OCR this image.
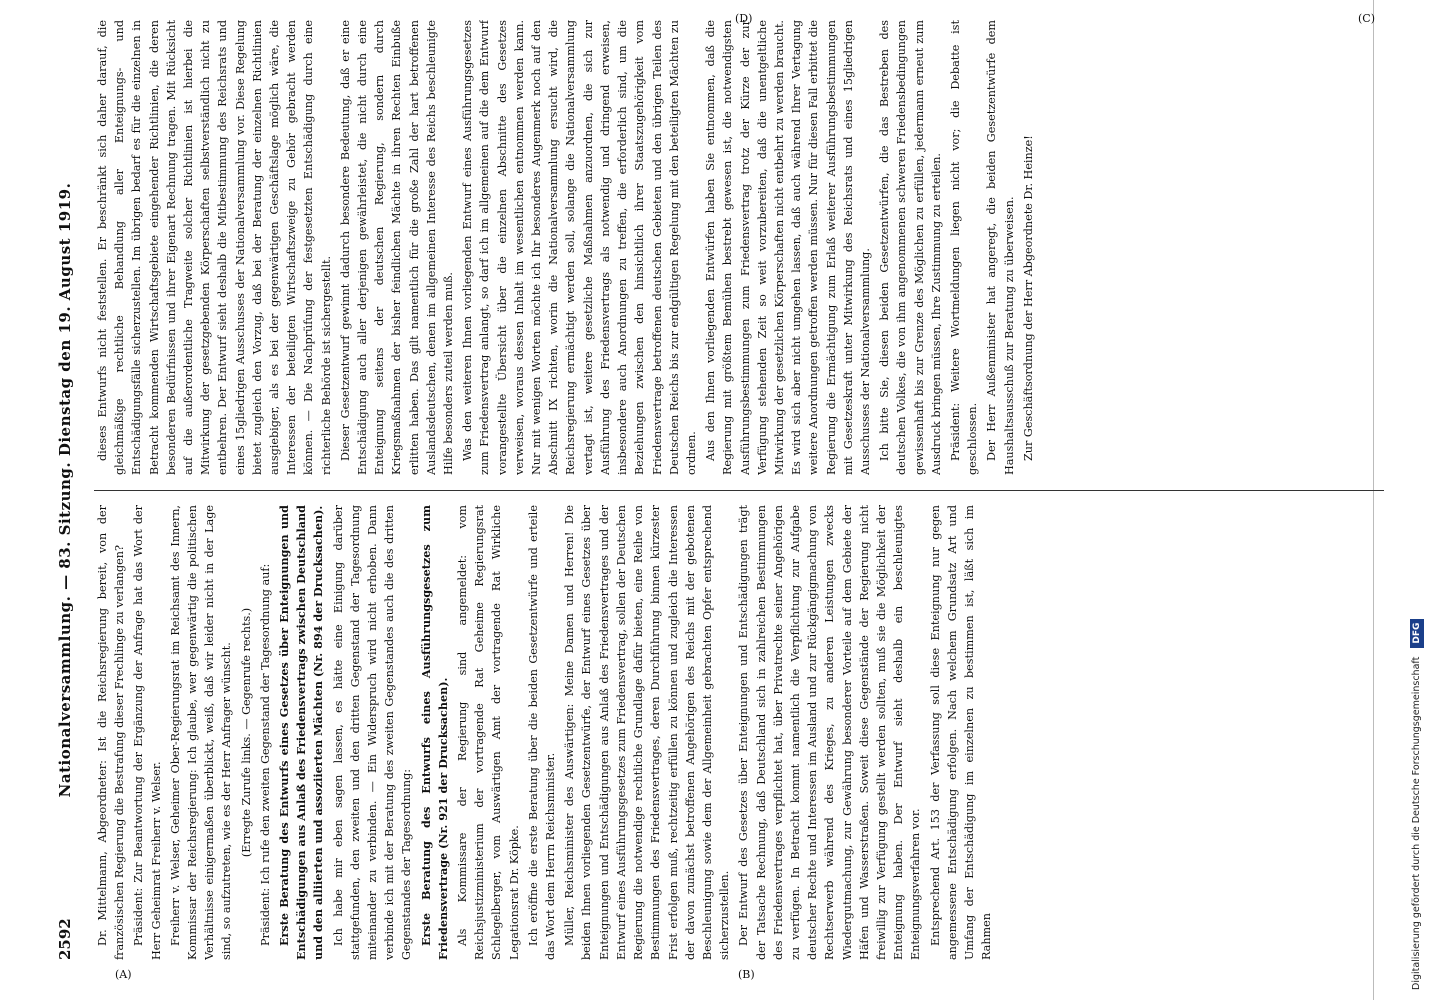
2592
Nationalversammlung. — 83. Sitzung. Dienstag den 19. August 1919. Dr. Mittelmann, Abgeordneter: Ist die Reichsregierung bereit, von der französischen Regierung die Bestrafung dieser Frechlinge zu verlangen? Präsident: Zur Beantwortung der Ergänzung der Anfrage hat das Wort der Herr Geheimrat Freiherr v. Welser. Freiherr v. Welser, Geheimer Ober-Regierungsrat im Reichsamt des Innern, Kommissar der Reichsregierung: Ich glaube, wer gegenwärtig die politischen Verhältnisse einigermaßen überblickt, weiß, daß wir leider nicht in der Lage sind, so aufzutreten, wie es der Herr Anfrager wünscht. (Erregte Zurufe links. — Gegenrufe rechts.) Präsident: Ich rufe den zweiten Gegenstand der Tagesordnung auf: Erste Beratung des Entwurfs eines Gesetzes über Enteignungen und Entschädigungen aus Anlaß des Friedensvertrags zwischen Deutschland und den alliierten und assoziierten Mächten (Nr. 894 der Drucksachen). Ich habe mir eben sagen lassen, es hätte eine Einigung darüber stattgefunden, den zweiten und den dritten Gegenstand der Tagesordnung miteinander zu verbinden. — Ein Widerspruch wird nicht erhoben. Dann verbinde ich mit der Beratung des zweiten Gegenstandes auch die des dritten Gegenstandes der Tagesordnung: Erste Beratung des Entwurfs eines Ausführungsgesetzes zum Friedensvertrage (Nr. 921 der Drucksachen). Als Kommissare der Regierung sind angemeldet: vom Reichsjustizministerium der vortragende Rat Geheime Regierungsrat Schlegelberger, vom Auswärtigen Amt der vortragende Rat Wirkliche Legationsrat Dr. Köpke. Ich eröffne die erste Beratung über die beiden Gesetzentwürfe und erteile das Wort dem Herrn Reichsminister. Müller, Reichsminister des Auswärtigen: Meine Damen und Herren! Die beiden Ihnen vorliegenden Gesetzentwürfe, der Entwurf eines Gesetzes über Enteignungen und Entschädigungen aus Anlaß des Friedensvertrages und der Entwurf eines Ausführungsgesetzes zum Friedensvertrag, sollen der Deutschen Regierung die notwendige rechtliche Grundlage dafür bieten, eine Reihe von Bestimmungen des Friedensvertrages, deren Durchführung binnen kürzester Frist erfolgen muß, rechtzeitig erfüllen zu können und zugleich die Interessen der davon zunächst betroffenen Angehörigen des Reichs mit der gebotenen Beschleunigung sowie dem der Allgemeinheit gebrachten Opfer entsprechend sicherzustellen. Der Entwurf des Gesetzes über Enteignungen und Entschädigungen trägt der Tatsache Rechnung, daß Deutschland sich in zahlreichen Bestimmungen des Friedensvertrages verpflichtet hat, über Privatrechte seiner Angehörigen zu verfügen. In Betracht kommt namentlich die Verpflichtung zur Aufgabe deutscher Rechte und Interessen im Ausland und zur Rückgängigmachung von Rechtserwerb während des Krieges, zu anderen Leistungen zwecks Wiedergutmachung, zur Gewährung besonderer Vorteile auf dem Gebiete der Häfen und Wasserstraßen. Soweit diese Gegenstände der Regierung nicht freiwillig zur Verfügung gestellt werden sollten, muß sie die Möglichkeit der Enteignung haben. Der Entwurf sieht deshalb ein beschleunigtes Enteignungsverfahren vor. Entsprechend Art. 153 der Verfassung soll diese Enteignung nur gegen angemessene Entschädigung erfolgen. Nach welchem Grundsatz Art und Umfang der Entschädigung im einzelnen zu bestimmen ist, läßt sich im Rahmen

dieses Entwurfs nicht feststellen. Er beschränkt sich daher darauf, die gleichmäßige rechtliche Behandlung aller Enteignungs- und Entschädigungsfälle sicherzustellen. Im übrigen bedarf es für die einzelnen in Betracht kommenden Wirtschaftsgebiete eingehender Richtlinien, die deren besonderen Bedürfnissen und ihrer Eigenart Rechnung tragen. Mit Rücksicht auf die außerordentliche Tragweite solcher Richtlinien ist hierbei die Mitwirkung der gesetzgebenden Körperschaften selbstverständlich nicht zu entbehren. Der Entwurf sieht deshalb die Mitbestimmung des Reichsrats und eines 15gliedrigen Ausschusses der Nationalversammlung vor. Diese Regelung bietet zugleich den Vorzug, daß bei der Beratung der einzelnen Richtlinien ausgiebiger, als es bei der gegenwärtigen Geschäftslage möglich wäre, die Interessen der beteiligten Wirtschaftszweige zu Gehör gebracht werden können. — Die Nachprüfung der festgesetzten Entschädigung durch eine richterliche Behörde ist sichergestellt. Dieser Gesetzentwurf gewinnt dadurch besondere Bedeutung, daß er eine Entschädigung auch aller derjenigen gewährleistet, die nicht durch eine Enteignung seitens der deutschen Regierung, sondern durch Kriegsmaßnahmen der bisher feindlichen Mächte in ihren Rechten Einbuße erlitten haben. Das gilt namentlich für die große Zahl der hart betroffenen Auslandsdeutschen, denen im allgemeinen Interesse des Reichs beschleunigte Hilfe besonders zuteil werden muß. Was den weiteren Ihnen vorliegenden Entwurf eines Ausführungsgesetzes zum Friedensvertrag anlangt, so darf ich im allgemeinen auf die dem Entwurf vorangestellte Übersicht über die einzelnen Abschnitte des Gesetzes verweisen, woraus dessen Inhalt im wesentlichen entnommen werden kann. Nur mit wenigen Worten möchte ich Ihr besonderes Augenmerk noch auf den Abschnitt IX richten, worin die Nationalversammlung ersucht wird, die Reichsregierung ermächtigt werden soll, solange die Nationalversammlung vertagt ist, weitere gesetzliche Maßnahmen anzuordnen, die sich zur Ausführung des Friedensvertrags als notwendig und dringend erweisen, insbesondere auch Anordnungen zu treffen, die erforderlich sind, um die Beziehungen zwischen den hinsichtlich ihrer Staatszugehörigkeit vom Friedensvertrage betroffenen deutschen Gebieten und den übrigen Teilen des Deutschen Reichs bis zur endgültigen Regelung mit den beteiligten Mächten zu ordnen. Aus den Ihnen vorliegenden Entwürfen haben Sie entnommen, daß die Regierung mit größtem Bemühen bestrebt gewesen ist, die notwendigsten Ausführungsbestimmungen zum Friedensvertrag trotz der Kürze der zur Verfügung stehenden Zeit so weit vorzubereiten, daß die unentgeltliche Mitwirkung der gesetzlichen Körperschaften nicht entbehrt zu werden braucht. Es wird sich aber nicht umgehen lassen, daß auch während Ihrer Vertagung weitere Anordnungen getroffen werden müssen. Nur für diesen Fall erbittet die Regierung die Ermächtigung zum Erlaß weiterer Ausführungsbestimmungen mit Gesetzeskraft unter Mitwirkung des Reichsrats und eines 15gliedrigen Ausschusses der Nationalversammlung. Ich bitte Sie, diesen beiden Gesetzentwürfen, die das Bestreben des deutschen Volkes, die von ihm angenommenen schweren Friedensbedingungen gewissenhaft bis zur Grenze des Möglichen zu erfüllen, jedermann erneut zum Ausdruck bringen müssen, Ihre Zustimmung zu erteilen. Präsident: Weitere Wortmeldungen liegen nicht vor; die Debatte ist geschlossen. Der Herr Außenminister hat angeregt, die beiden Gesetzentwürfe dem Haushaltsausschuß zur Beratung zu überweisen. Zur Geschäftsordnung der Herr Abgeordnete Dr. Heinze!

(A)	(B)
(C)
(D)
Digitalisierung gefördert durch die Deutsche Forschungsgemeinschaft DFG
